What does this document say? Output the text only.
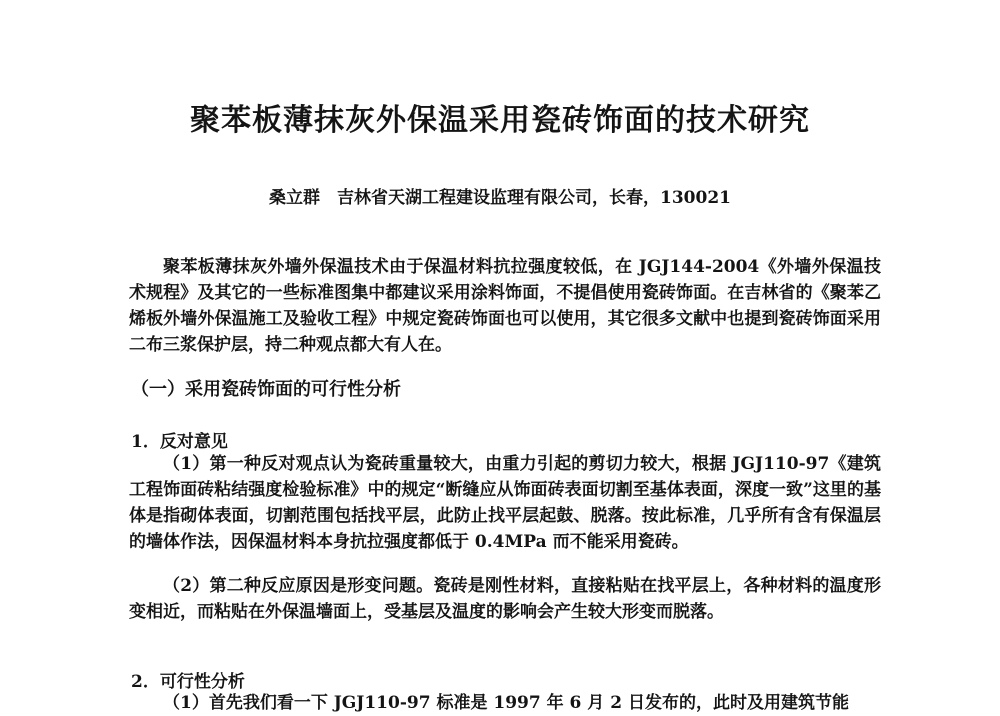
聚苯板薄抹灰外保温采用瓷砖饰面的技术研究
桑立群　吉林省天湖工程建设监理有限公司，长春，130021
聚苯板薄抹灰外墙外保温技术由于保温材料抗拉强度较低，在 JGJ144-2004《外墙外保温技术规程》及其它的一些标准图集中都建议采用涂料饰面，不提倡使用瓷砖饰面。在吉林省的《聚苯乙烯板外墙外保温施工及验收工程》中规定瓷砖饰面也可以使用，其它很多文献中也提到瓷砖饰面采用二布三浆保护层，持二种观点都大有人在。
（一）采用瓷砖饰面的可行性分析
1．反对意见
（1）第一种反对观点认为瓷砖重量较大，由重力引起的剪切力较大，根据 JGJ110-97《建筑工程饰面砖粘结强度检验标准》中的规定“断缝应从饰面砖表面切割至基体表面，深度一致”这里的基体是指砌体表面，切割范围包括找平层，此防止找平层起鼓、脱落。按此标准，几乎所有含有保温层的墙体作法，因保温材料本身抗拉强度都低于 0.4MPa 而不能采用瓷砖。
（2）第二种反应原因是形变问题。瓷砖是刚性材料，直接粘贴在找平层上，各种材料的温度形变相近，而粘贴在外保温墙面上，受基层及温度的影响会产生较大形变而脱落。
2．可行性分析
（1）首先我们看一下 JGJ110-97 标准是 1997 年 6 月 2 日发布的，此时及用建筑节能
